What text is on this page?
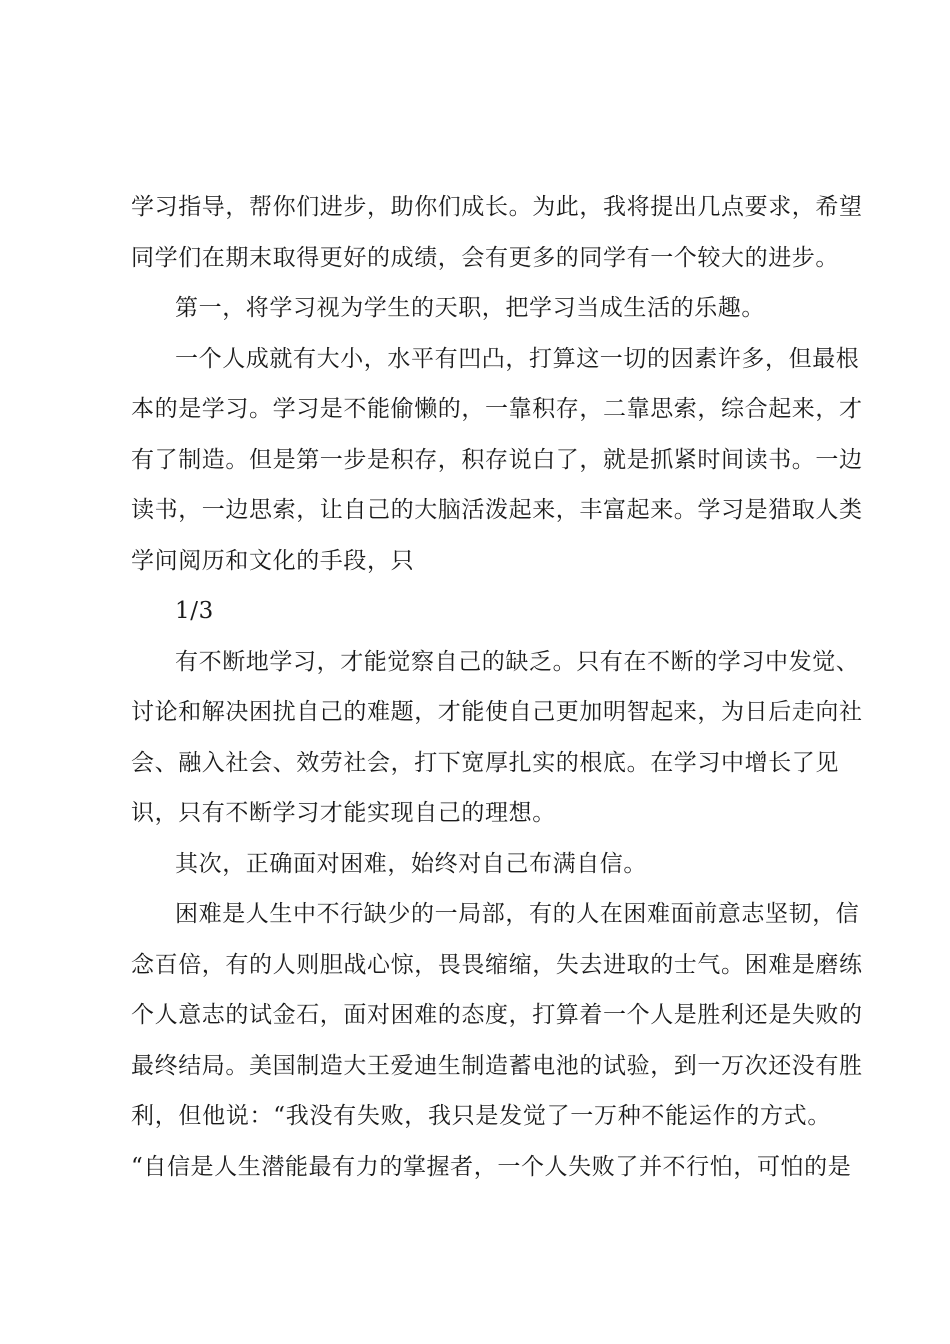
学习指导，帮你们进步，助你们成长。为此，我将提出几点要求，希望
同学们在期末取得更好的成绩，会有更多的同学有一个较大的进步。
第一，将学习视为学生的天职，把学习当成生活的乐趣。
一个人成就有大小，水平有凹凸，打算这一切的因素许多，但最根
本的是学习。学习是不能偷懒的，一靠积存，二靠思索，综合起来，才
有了制造。但是第一步是积存，积存说白了，就是抓紧时间读书。一边
读书，一边思索，让自己的大脑活泼起来，丰富起来。学习是猎取人类
学问阅历和文化的手段，只
1/3
有不断地学习，才能觉察自己的缺乏。只有在不断的学习中发觉、
讨论和解决困扰自己的难题，才能使自己更加明智起来，为日后走向社
会、融入社会、效劳社会，打下宽厚扎实的根底。在学习中增长了见
识，只有不断学习才能实现自己的理想。
其次，正确面对困难，始终对自己布满自信。
困难是人生中不行缺少的一局部，有的人在困难面前意志坚韧，信
念百倍，有的人则胆战心惊，畏畏缩缩，失去进取的士气。困难是磨练
个人意志的试金石，面对困难的态度，打算着一个人是胜利还是失败的
最终结局。美国制造大王爱迪生制造蓄电池的试验，到一万次还没有胜
利，但他说：“我没有失败，我只是发觉了一万种不能运作的方式。
“自信是人生潜能最有力的掌握者，一个人失败了并不行怕，可怕的是
